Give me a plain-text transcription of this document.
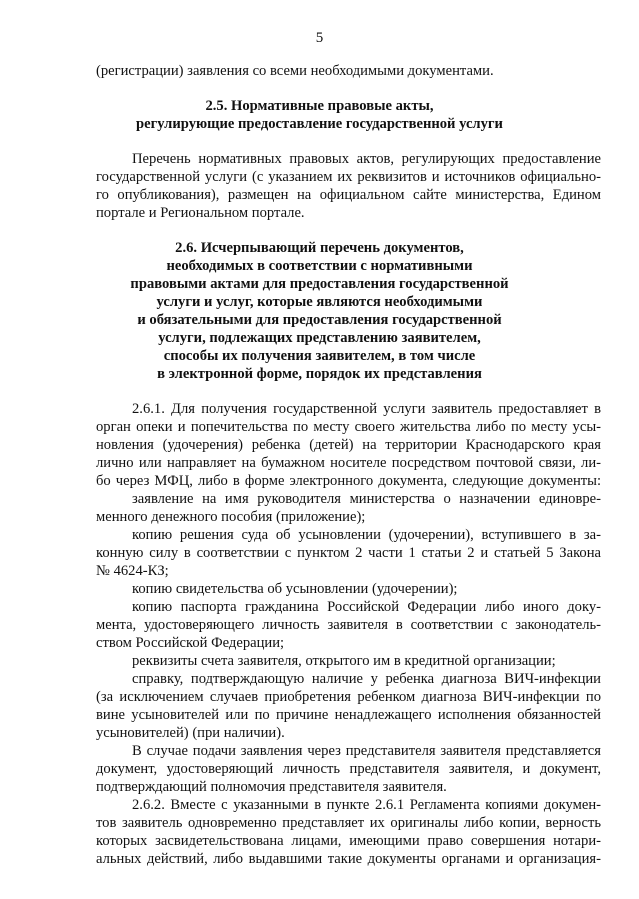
5
(регистрации) заявления со всеми необходимыми документами.
2.5. Нормативные правовые акты,
регулирующие предоставление государственной услуги
Перечень нормативных правовых актов, регулирующих предоставление
государственной услуги (с указанием их реквизитов и источников официально-
го опубликования), размещен на официальном сайте министерства, Едином
портале и Региональном портале.
2.6. Исчерпывающий перечень документов,
необходимых в соответствии с нормативными
правовыми актами для предоставления государственной
услуги и услуг, которые являются необходимыми
и обязательными для предоставления государственной
услуги, подлежащих представлению заявителем,
способы их получения заявителем, в том числе
в электронной форме, порядок их представления
2.6.1. Для получения государственной услуги заявитель предоставляет в
орган опеки и попечительства по месту своего жительства либо по месту усы-
новления (удочерения) ребенка (детей) на территории Краснодарского края
лично или направляет на бумажном носителе посредством почтовой связи, ли-
бо через МФЦ, либо в форме электронного документа, следующие документы:
заявление на имя руководителя министерства о назначении единовре-
менного денежного пособия (приложение);
копию решения суда об усыновлении (удочерении), вступившего в за-
конную силу в соответствии с пунктом 2 части 1 статьи 2 и статьей 5 Закона
№ 4624-КЗ;
копию свидетельства об усыновлении (удочерении);
копию паспорта гражданина Российской Федерации либо иного доку-
мента, удостоверяющего личность заявителя в соответствии с законодатель-
ством Российской Федерации;
реквизиты счета заявителя, открытого им в кредитной организации;
справку, подтверждающую наличие у ребенка диагноза ВИЧ-инфекции
(за исключением случаев приобретения ребенком диагноза ВИЧ-инфекции по
вине усыновителей или по причине ненадлежащего исполнения обязанностей
усыновителей) (при наличии).
В случае подачи заявления через представителя заявителя представляется
документ, удостоверяющий личность представителя заявителя, и документ,
подтверждающий полномочия представителя заявителя.
2.6.2. Вместе с указанными в пункте 2.6.1 Регламента копиями докумен-
тов заявитель одновременно представляет их оригиналы либо копии, верность
которых засвидетельствована лицами, имеющими право совершения нотари-
альных действий, либо выдавшими такие документы органами и организация-
